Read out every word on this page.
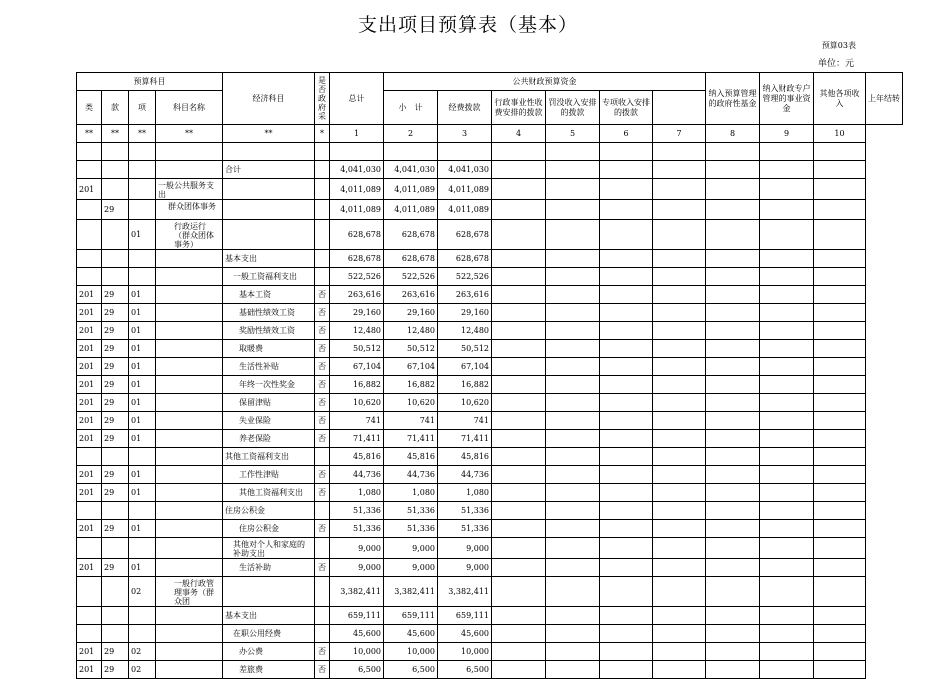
支出项目预算表（基本）
预算03表
单位：元
预算科目				经济科目	是否政府采	总计	公共财政预算资金						纳入预算管理的政府性基金	纳入财政专户管理的事业资金	其他各项收入	上年结转
类	款	项	科目名称				小　计	经费拨款	行政事业性收费安排的拨款	罚没收入安排的拨款	专项收入安排的拨款					
**	**	**	**	**	*	1	2	3	4	5	6	7	8	9	10	

				合计		4,041,030	4,041,030	4,041,030								
201			一般公共服务支出			4,011,089	4,011,089	4,011,089								
	29		群众团体事务			4,011,089	4,011,089	4,011,089								
		01	行政运行（群众团体事务）			628,678	628,678	628,678								
				基本支出		628,678	628,678	628,678								
				一般工资福利支出		522,526	522,526	522,526								
201	29	01		基本工资	否	263,616	263,616	263,616								
201	29	01		基础性绩效工资	否	29,160	29,160	29,160								
201	29	01		奖励性绩效工资	否	12,480	12,480	12,480								
201	29	01		取暖费	否	50,512	50,512	50,512								
201	29	01		生活性补贴	否	67,104	67,104	67,104								
201	29	01		年终一次性奖金	否	16,882	16,882	16,882								
201	29	01		保留津贴	否	10,620	10,620	10,620								
201	29	01		失业保险	否	741	741	741								
201	29	01		养老保险	否	71,411	71,411	71,411								
				其他工资福利支出		45,816	45,816	45,816								
201	29	01		工作性津贴	否	44,736	44,736	44,736								
201	29	01		其他工资福利支出	否	1,080	1,080	1,080								
				住房公积金		51,336	51,336	51,336								
201	29	01		住房公积金	否	51,336	51,336	51,336								
				其他对个人和家庭的补助支出		9,000	9,000	9,000								
201	29	01		生活补助	否	9,000	9,000	9,000								
		02	一般行政管理事务（群众团			3,382,411	3,382,411	3,382,411								
				基本支出		659,111	659,111	659,111								
				在职公用经费		45,600	45,600	45,600								
201	29	02		办公费	否	10,000	10,000	10,000								
201	29	02		差旅费	否	6,500	6,500	6,500								
